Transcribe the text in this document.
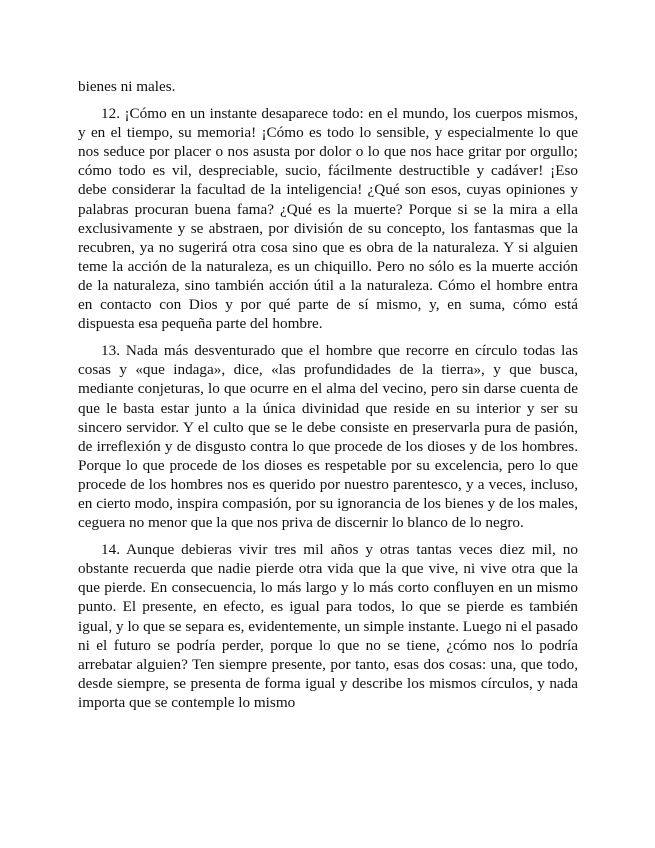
bienes ni males.

12. ¡Cómo en un instante desaparece todo: en el mundo, los cuerpos mismos, y en el tiempo, su memoria! ¡Cómo es todo lo sensible, y especialmente lo que nos seduce por placer o nos asusta por dolor o lo que nos hace gritar por orgullo; cómo todo es vil, despreciable, sucio, fácilmente destructible y cadáver! ¡Eso debe considerar la facultad de la inteligencia! ¿Qué son esos, cuyas opiniones y palabras procuran buena fama? ¿Qué es la muerte? Porque si se la mira a ella exclusivamente y se abstraen, por división de su concepto, los fantasmas que la recubren, ya no sugerirá otra cosa sino que es obra de la naturaleza. Y si alguien teme la acción de la naturaleza, es un chiquillo. Pero no sólo es la muerte acción de la naturaleza, sino también acción útil a la naturaleza. Cómo el hombre entra en contacto con Dios y por qué parte de sí mismo, y, en suma, cómo está dispuesta esa pequeña parte del hombre.

13. Nada más desventurado que el hombre que recorre en círculo todas las cosas y «que indaga», dice, «las profundidades de la tierra», y que busca, mediante conjeturas, lo que ocurre en el alma del vecino, pero sin darse cuenta de que le basta estar junto a la única divinidad que reside en su interior y ser su sincero servidor. Y el culto que se le debe consiste en preservarla pura de pasión, de irreflexión y de disgusto contra lo que procede de los dioses y de los hombres. Porque lo que procede de los dioses es respetable por su excelencia, pero lo que procede de los hombres nos es querido por nuestro parentesco, y a veces, incluso, en cierto modo, inspira compasión, por su ignorancia de los bienes y de los males, ceguera no menor que la que nos priva de discernir lo blanco de lo negro.

14. Aunque debieras vivir tres mil años y otras tantas veces diez mil, no obstante recuerda que nadie pierde otra vida que la que vive, ni vive otra que la que pierde. En consecuencia, lo más largo y lo más corto confluyen en un mismo punto. El presente, en efecto, es igual para todos, lo que se pierde es también igual, y lo que se separa es, evidentemente, un simple instante. Luego ni el pasado ni el futuro se podría perder, porque lo que no se tiene, ¿cómo nos lo podría arrebatar alguien? Ten siempre presente, por tanto, esas dos cosas: una, que todo, desde siempre, se presenta de forma igual y describe los mismos círculos, y nada importa que se contemple lo mismo
